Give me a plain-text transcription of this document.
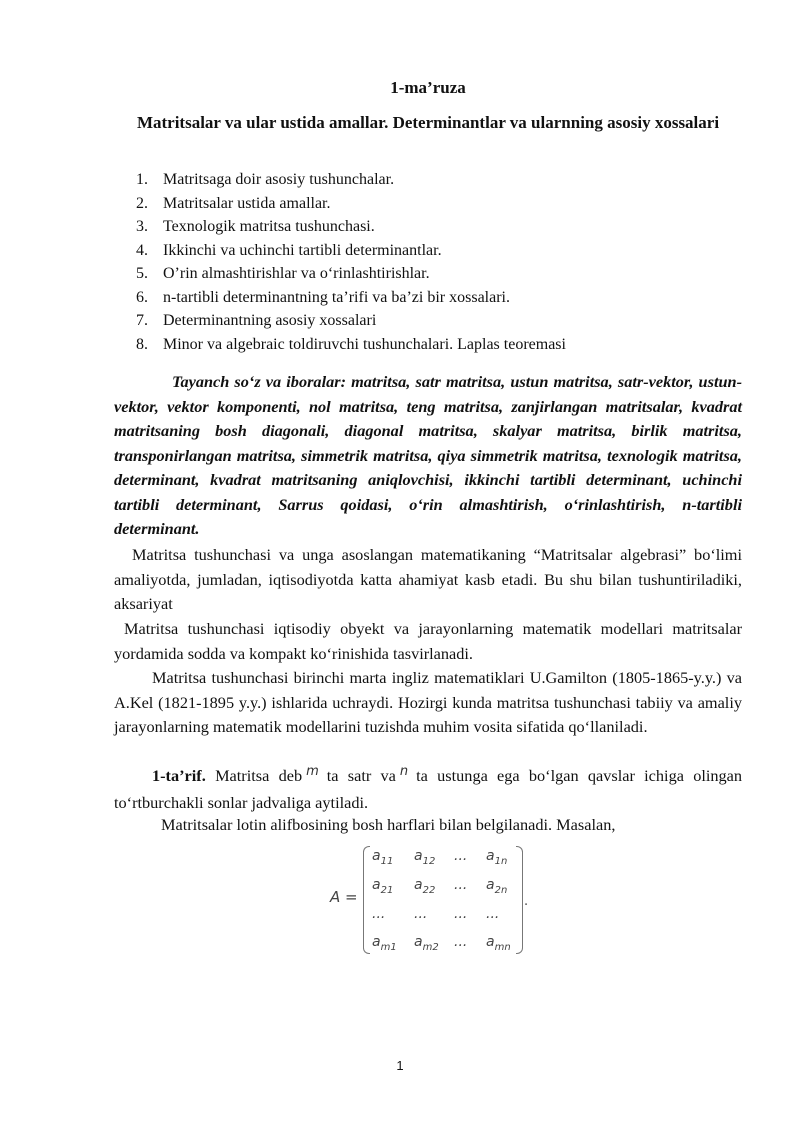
1-ma’ruza
Matritsalar va ular ustida amallar. Determinantlar va ularnning asosiy xossalari
1. Matritsaga doir asosiy tushunchalar.
2. Matritsalar ustida amallar.
3. Texnologik matritsa tushunchasi.
4. Ikkinchi va uchinchi tartibli determinantlar.
5. O’rin almashtirishlar va o‘rinlashtirishlar.
6. n-tartibli determinantning ta’rifi va ba’zi bir xossalari.
7. Determinantning asosiy xossalari
8. Minor va algebraic toldiruvchi tushunchalari. Laplas teoremasi

Tayanch so‘z va iboralar: matritsa, satr matritsa, ustun matritsa, satr-vektor, ustun-vektor, vektor komponenti, nol matritsa, teng matritsa, zanjirlangan matritsalar, kvadrat matritsaning bosh diagonali, diagonal matritsa, skalyar matritsa, birlik matritsa, transponirlangan matritsa, simmetrik matritsa, qiya simmetrik matritsa, texnologik matritsa, determinant, kvadrat matritsaning aniqlovchisi, ikkinchi tartibli determinant, uchinchi tartibli determinant, Sarrus qoidasi, o‘rin almashtirish, o‘rinlashtirish, n-tartibli determinant.

Matritsa tushunchasi va unga asoslangan matematikaning “Matritsalar algebrasi” bo‘limi amaliyotda, jumladan, iqtisodiyotda katta ahamiyat kasb etadi. Bu shu bilan tushuntiriladiki, aksariyat

Matritsa tushunchasi iqtisodiy obyekt va jarayonlarning matematik modellari matritsalar yordamida sodda va kompakt ko‘rinishida tasvirlanadi.

Matritsa tushunchasi birinchi marta ingliz matematiklari U.Gamilton (1805-1865-y.y.) va A.Kel (1821-1895 y.y.) ishlarida uchraydi. Hozirgi kunda matritsa tushunchasi tabiiy va amaliy jarayonlarning matematik modellarini tuzishda muhim vosita sifatida qo‘llaniladi.

1-ta’rif. Matritsa deb $^m$ ta satr va $^n$ ta ustunga ega bo‘lgan qavslar ichiga olingan to‘rtburchakli sonlar jadvaliga aytiladi.

Matritsalar lotin alifbosining bosh harflari bilan belgilanadi. Masalan,

A =	.
$a_{11}$ $a_{12}$ ... $a_{1n}$
$a_{21}$ $a_{22}$ ... $a_{2n}$
... ... ... ...
$a_{m1}$ $a_{m2}$ ... $a_{mn}$
1
